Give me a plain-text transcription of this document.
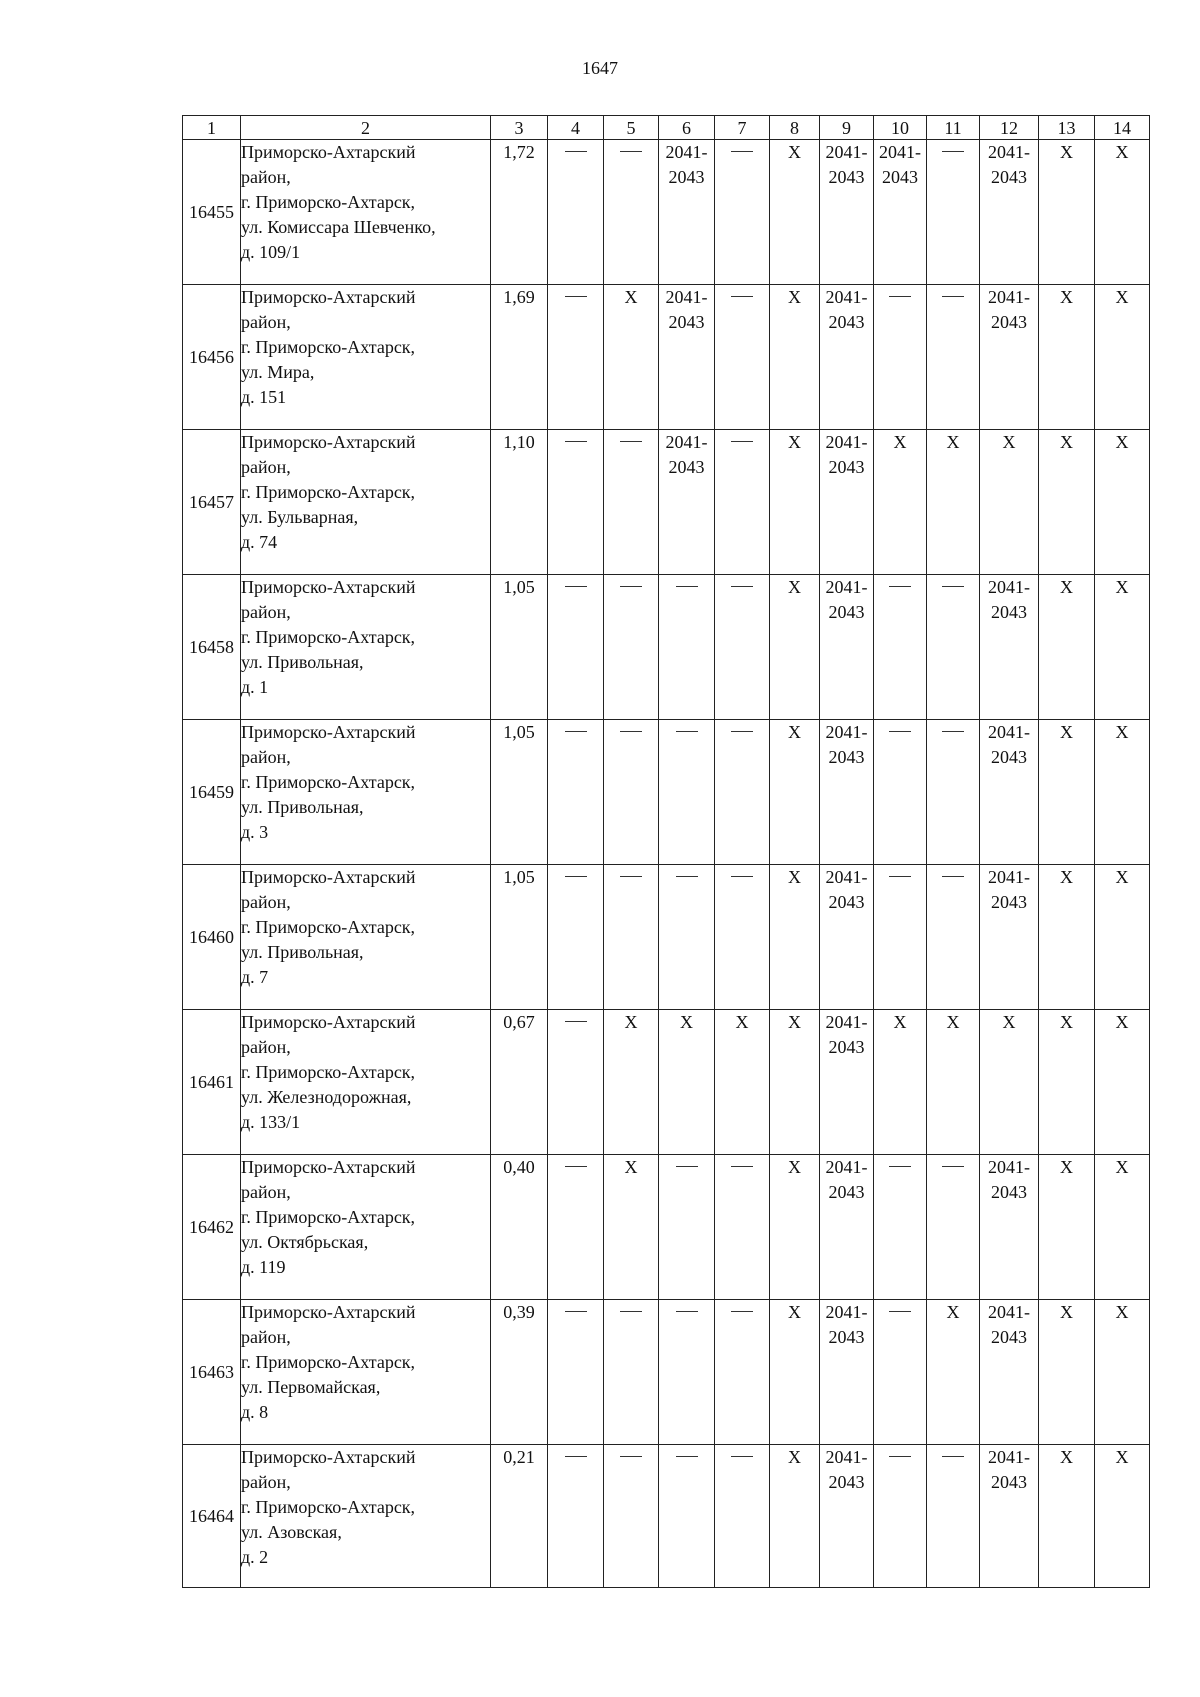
1647
1	2	3	4	5	6	7	8	9	10	11	12	13	14
16455	Приморско-Ахтарский
район,
г. Приморско-Ахтарск,
ул. Комиссара Шевченко,
д. 109/1	1,72			2041-2043		X	2041-2043	2041-2043		2041-2043	X	X
16456	Приморско-Ахтарский
район,
г. Приморско-Ахтарск,
ул. Мира,
д. 151	1,69		X	2041-2043		X	2041-2043			2041-2043	X	X
16457	Приморско-Ахтарский
район,
г. Приморско-Ахтарск,
ул. Бульварная,
д. 74	1,10			2041-2043		X	2041-2043	X	X	X	X	X
16458	Приморско-Ахтарский
район,
г. Приморско-Ахтарск,
ул. Привольная,
д. 1	1,05					X	2041-2043			2041-2043	X	X
16459	Приморско-Ахтарский
район,
г. Приморско-Ахтарск,
ул. Привольная,
д. 3	1,05					X	2041-2043			2041-2043	X	X
16460	Приморско-Ахтарский
район,
г. Приморско-Ахтарск,
ул. Привольная,
д. 7	1,05					X	2041-2043			2041-2043	X	X
16461	Приморско-Ахтарский
район,
г. Приморско-Ахтарск,
ул. Железнодорожная,
д. 133/1	0,67		X	X	X	X	2041-2043	X	X	X	X	X
16462	Приморско-Ахтарский
район,
г. Приморско-Ахтарск,
ул. Октябрьская,
д. 119	0,40		X			X	2041-2043			2041-2043	X	X
16463	Приморско-Ахтарский
район,
г. Приморско-Ахтарск,
ул. Первомайская,
д. 8	0,39					X	2041-2043		X	2041-2043	X	X
16464	Приморско-Ахтарский
район,
г. Приморско-Ахтарск,
ул. Азовская,
д. 2	0,21					X	2041-2043			2041-2043	X	X
